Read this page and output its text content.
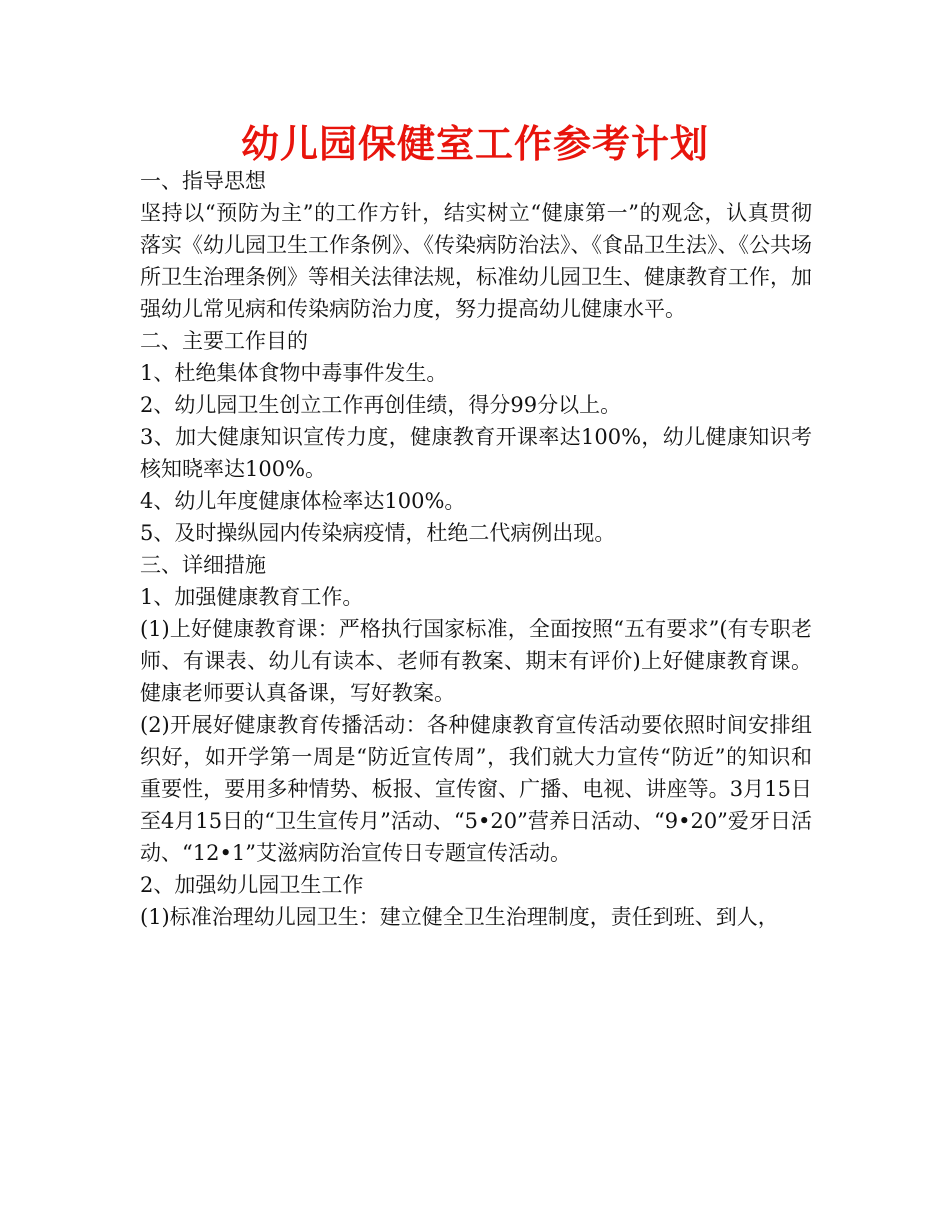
幼儿园保健室工作参考计划

一、指导思想

坚持以“预防为主”的工作方针，结实树立“健康第一”的观念，认真贯彻落实《幼儿园卫生工作条例》、《传染病防治法》、《食品卫生法》、《公共场所卫生治理条例》等相关法律法规，标准幼儿园卫生、健康教育工作，加强幼儿常见病和传染病防治力度，努力提高幼儿健康水平。

二、主要工作目的

1、杜绝集体食物中毒事件发生。

2、幼儿园卫生创立工作再创佳绩，得分99分以上。

3、加大健康知识宣传力度，健康教育开课率达100%，幼儿健康知识考核知晓率达100%。

4、幼儿年度健康体检率达100%。

5、及时操纵园内传染病疫情，杜绝二代病例出现。

三、详细措施

1、加强健康教育工作。

(1)上好健康教育课：严格执行国家标准，全面按照“五有要求”(有专职老师、有课表、幼儿有读本、老师有教案、期末有评价)上好健康教育课。健康老师要认真备课，写好教案。

(2)开展好健康教育传播活动：各种健康教育宣传活动要依照时间安排组织好，如开学第一周是“防近宣传周”，我们就大力宣传“防近”的知识和重要性，要用多种情势、板报、宣传窗、广播、电视、讲座等。3月15日至4月15日的“卫生宣传月”活动、“5•20”营养日活动、“9•20”爱牙日活动、“12•1”艾滋病防治宣传日专题宣传活动。

2、加强幼儿园卫生工作

(1)标准治理幼儿园卫生：建立健全卫生治理制度，责任到班、到人，
